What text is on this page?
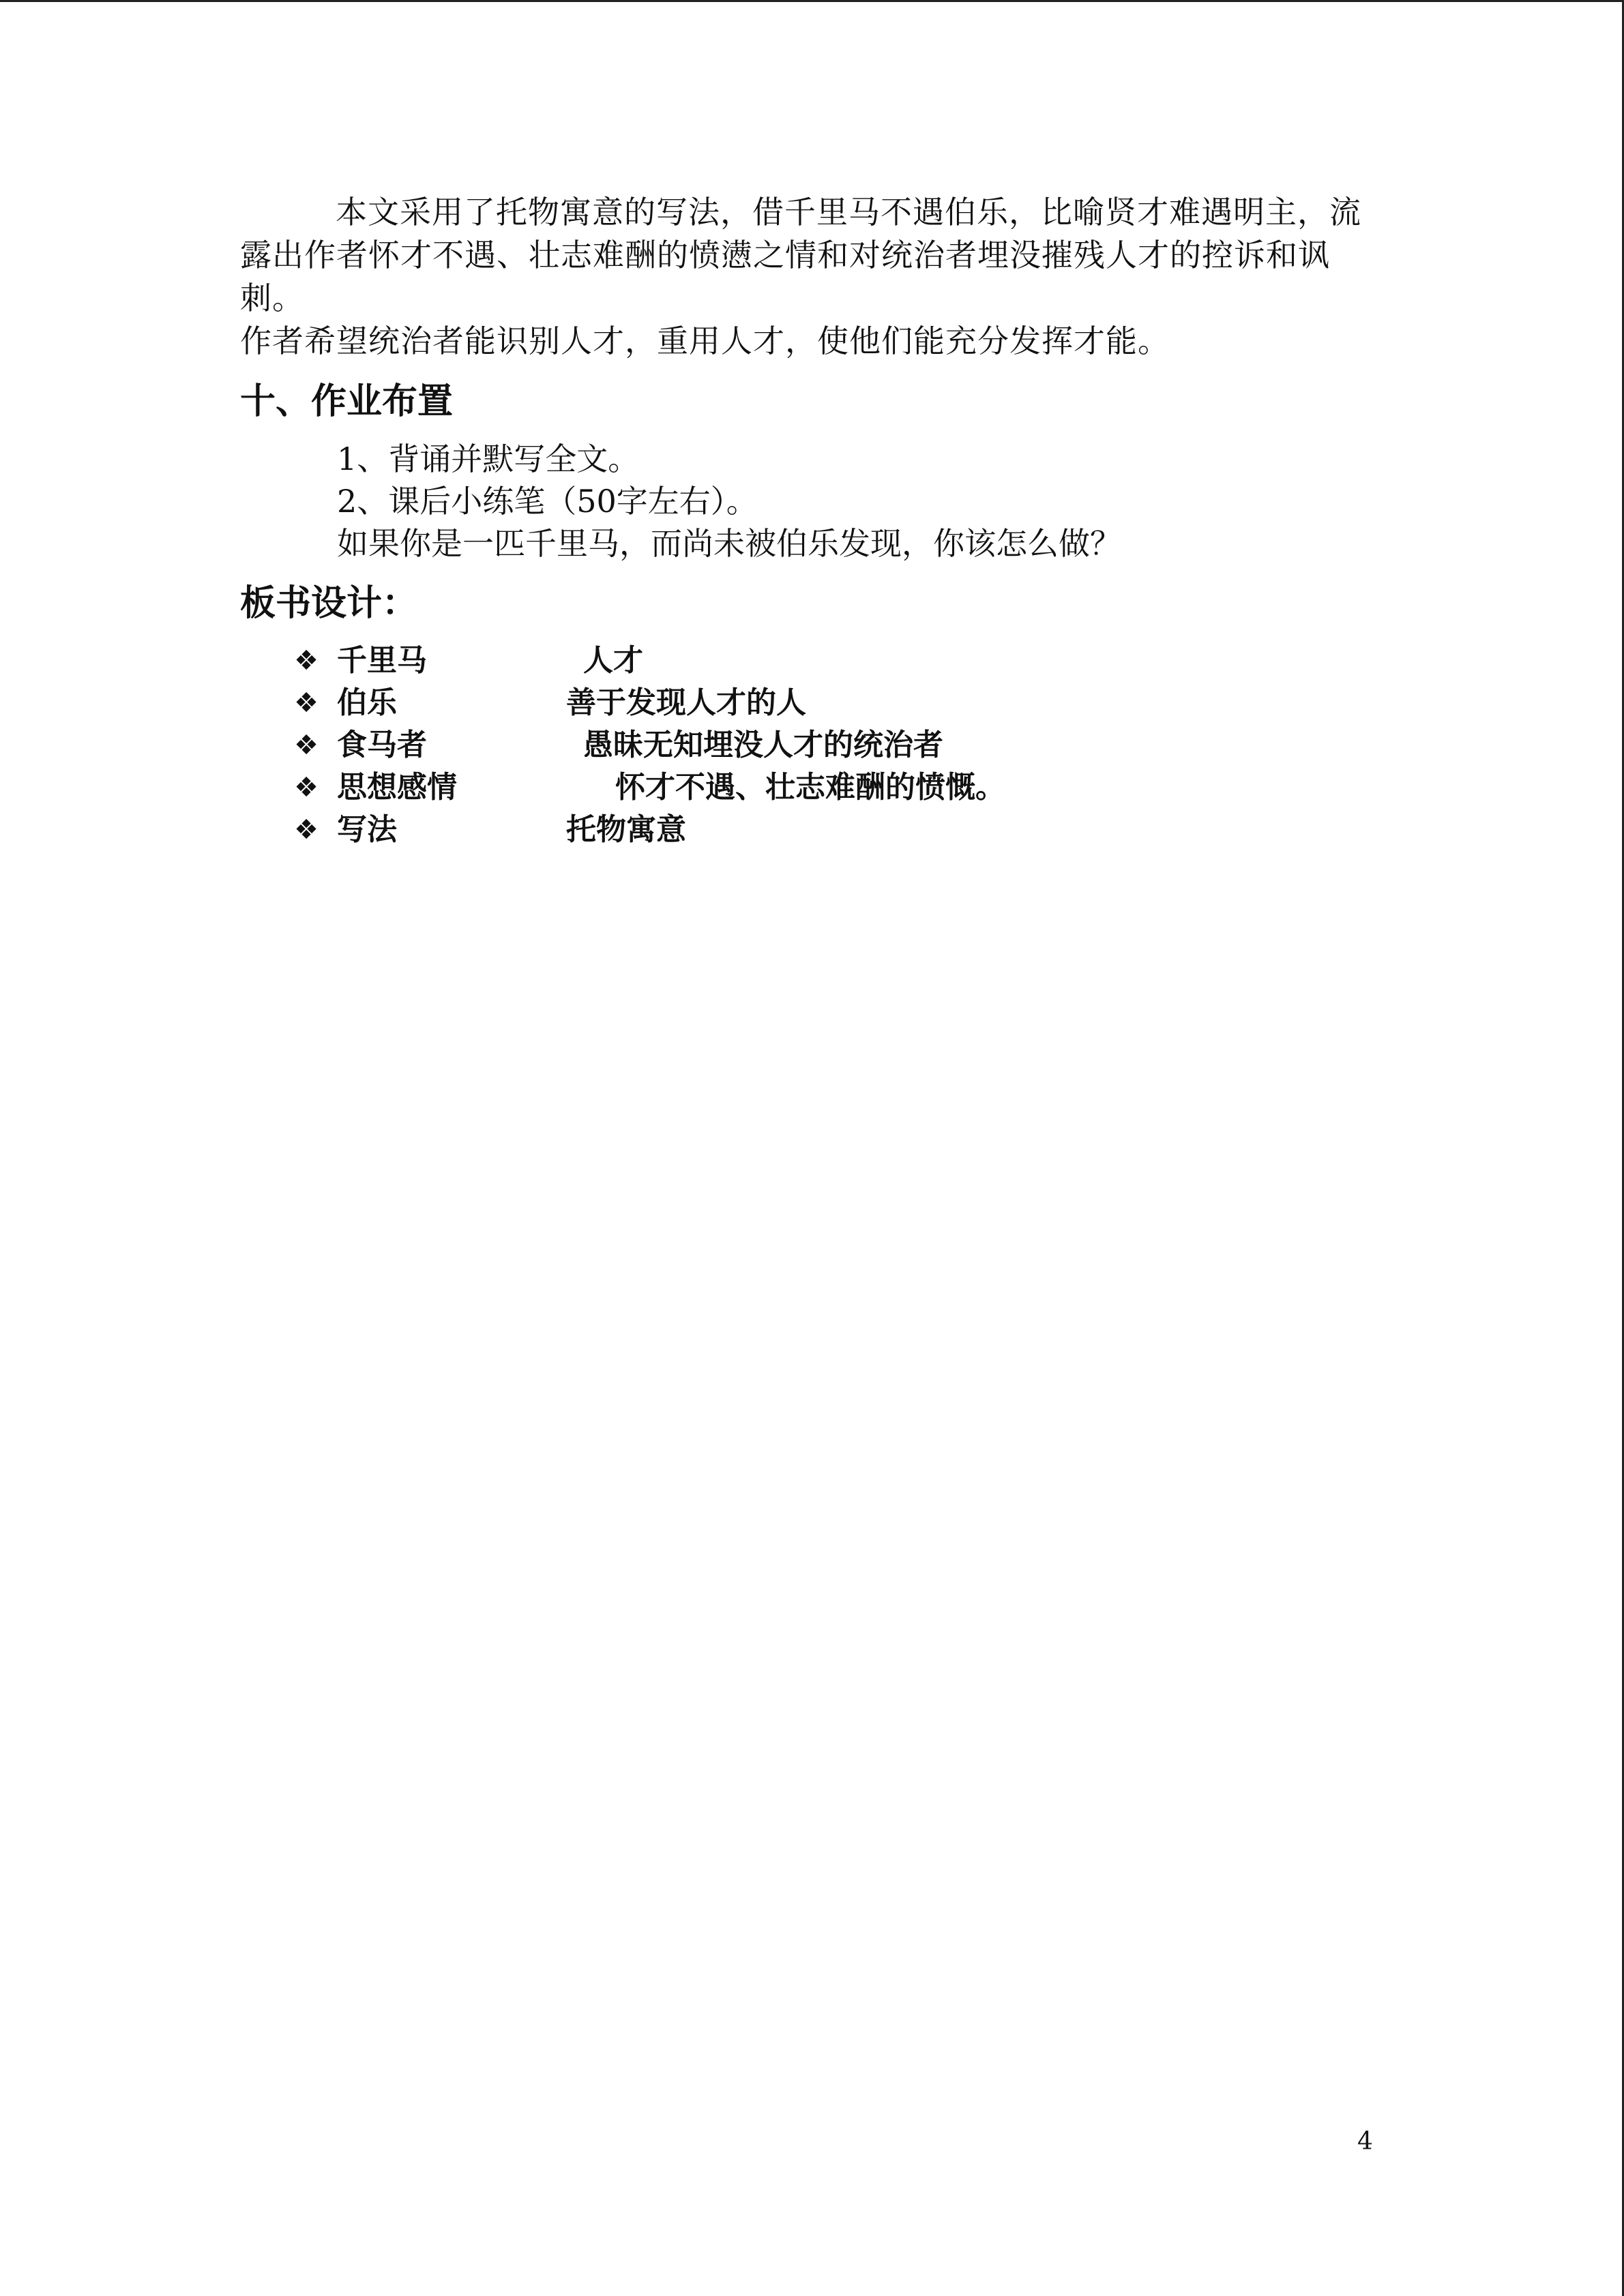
本文采用了托物寓意的写法，借千里马不遇伯乐，比喻贤才难遇明主，流露出作者怀才不遇、壮志难酬的愤懑之情和对统治者埋没摧残人才的控诉和讽刺。

作者希望统治者能识别人才，重用人才，使他们能充分发挥才能。

十、作业布置
1、背诵并默写全文。
2、课后小练笔（50字左右）。
如果你是一匹千里马，而尚未被伯乐发现，你该怎么做？
板书设计：
❖ 千里马	人才
❖ 伯乐	善于发现人才的人
❖ 食马者	愚昧无知埋没人才的统治者
❖ 思想感情	怀才不遇、壮志难酬的愤慨。
❖ 写法	托物寓意
4
